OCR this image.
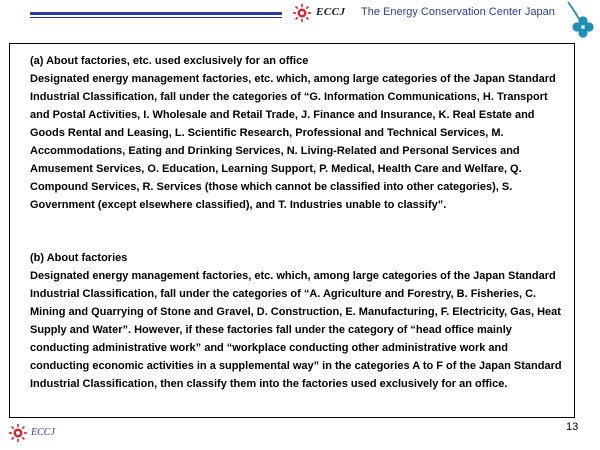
ECCJ The Energy Conservation Center Japan

(a) About factories, etc. used exclusively for an office

Designated energy management factories, etc. which, among large categories of the Japan Standard Industrial Classification, fall under the categories of “G. Information Communications, H. Transport and Postal Activities, I. Wholesale and Retail Trade, J. Finance and Insurance, K. Real Estate and Goods Rental and Leasing, L. Scientific Research, Professional and Technical Services, M. Accommodations, Eating and Drinking Services, N. Living-Related and Personal Services and Amusement Services, O. Education, Learning Support, P. Medical, Health Care and Welfare, Q. Compound Services, R. Services (those which cannot be classified into other categories), S. Government (except elsewhere classified), and T. Industries unable to classify”.

(b) About factories

Designated energy management factories, etc. which, among large categories of the Japan Standard Industrial Classification, fall under the categories of “A. Agriculture and Forestry, B. Fisheries, C. Mining and Quarrying of Stone and Gravel, D. Construction, E. Manufacturing, F. Electricity, Gas, Heat Supply and Water”. However, if these factories fall under the category of “head office mainly conducting administrative work” and “workplace conducting other administrative work and conducting economic activities in a supplemental way” in the categories A to F of the Japan Standard Industrial Classification, then classify them into the factories used exclusively for an office.

ECCJ	13
